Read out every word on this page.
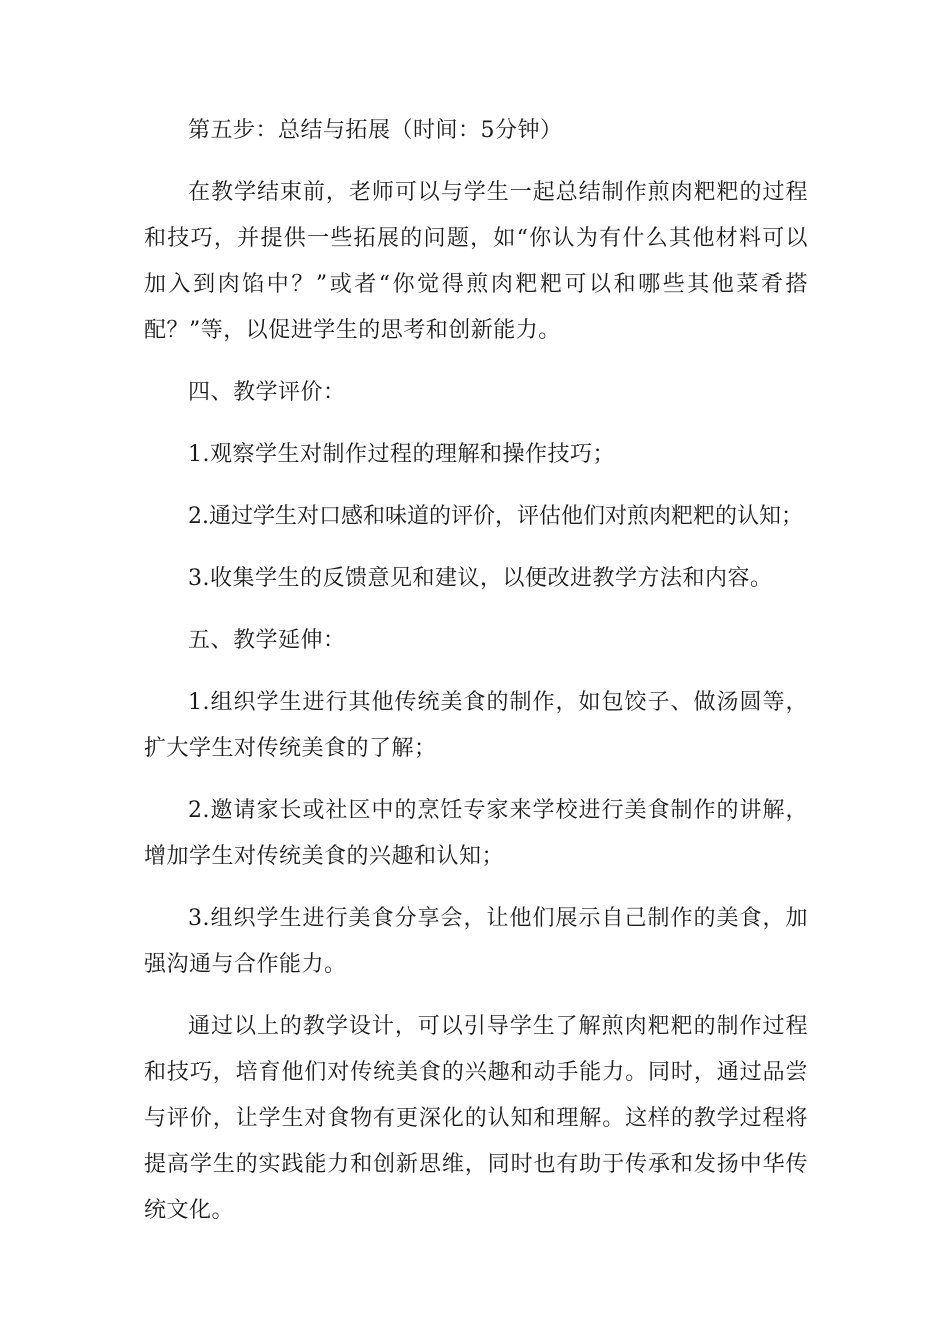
第五步：总结与拓展（时间：5分钟）

在教学结束前，老师可以与学生一起总结制作煎肉粑粑的过程和技巧，并提供一些拓展的问题，如“你认为有什么其他材料可以加入到肉馅中？”或者“你觉得煎肉粑粑可以和哪些其他菜肴搭配？”等，以促进学生的思考和创新能力。

四、教学评价：

1.观察学生对制作过程的理解和操作技巧；

2.通过学生对口感和味道的评价，评估他们对煎肉粑粑的认知；

3.收集学生的反馈意见和建议，以便改进教学方法和内容。

五、教学延伸：

1.组织学生进行其他传统美食的制作，如包饺子、做汤圆等，扩大学生对传统美食的了解；

2.邀请家长或社区中的烹饪专家来学校进行美食制作的讲解，增加学生对传统美食的兴趣和认知；

3.组织学生进行美食分享会，让他们展示自己制作的美食，加强沟通与合作能力。

通过以上的教学设计，可以引导学生了解煎肉粑粑的制作过程和技巧，培育他们对传统美食的兴趣和动手能力。同时，通过品尝与评价，让学生对食物有更深化的认知和理解。这样的教学过程将提高学生的实践能力和创新思维，同时也有助于传承和发扬中华传统文化。
